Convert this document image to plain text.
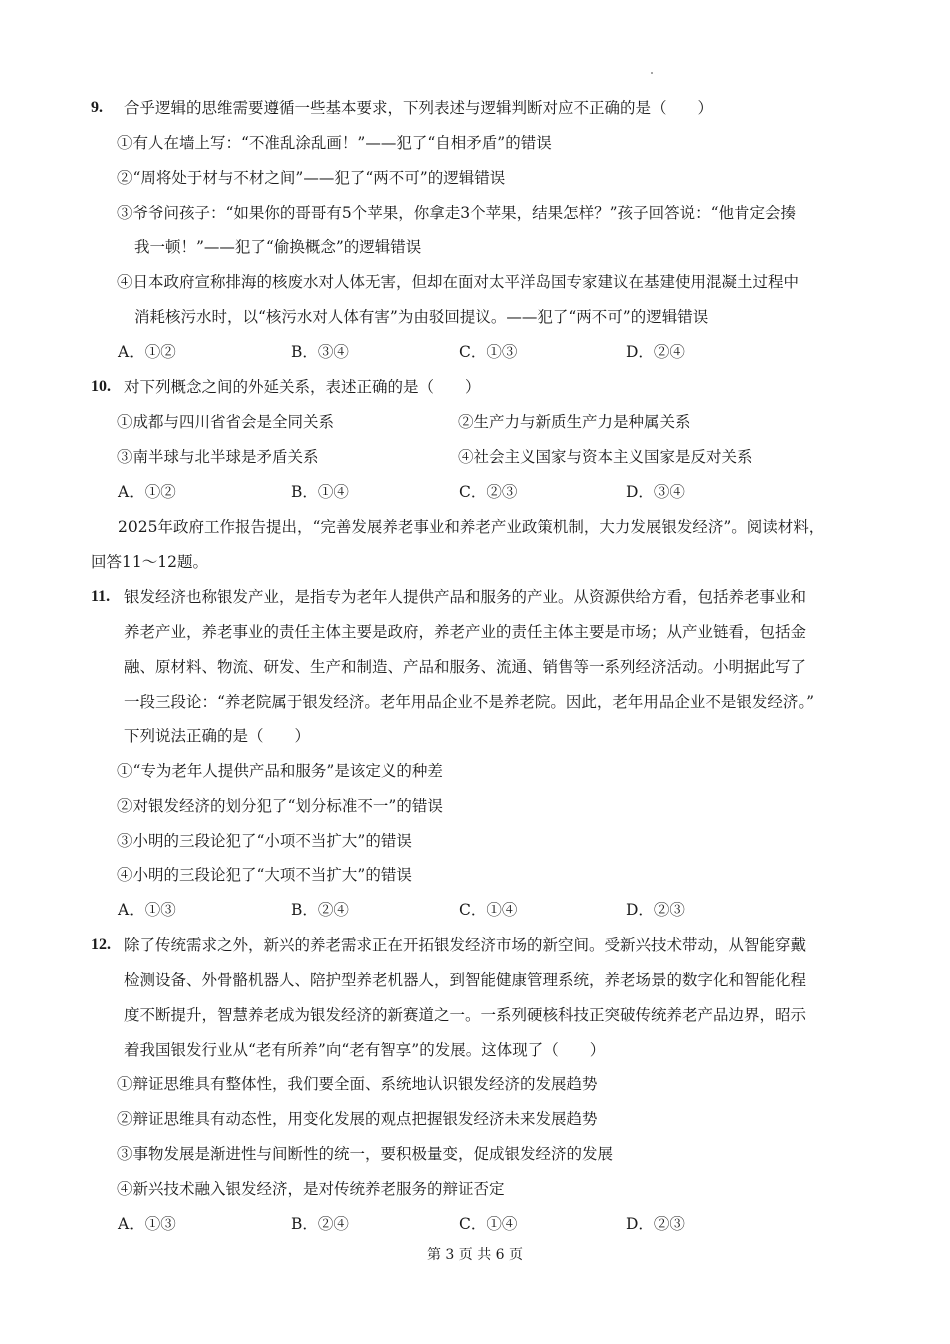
9. 合乎逻辑的思维需要遵循一些基本要求，下列表述与逻辑判断对应不正确的是（　　）
①有人在墙上写：“不准乱涂乱画！”——犯了“自相矛盾”的错误
②“周将处于材与不材之间”——犯了“两不可”的逻辑错误
③爷爷问孩子：“如果你的哥哥有5个苹果，你拿走3个苹果，结果怎样？”孩子回答说：“他肯定会揍
我一顿！”——犯了“偷换概念”的逻辑错误
④日本政府宣称排海的核废水对人体无害，但却在面对太平洋岛国专家建议在基建使用混凝土过程中
消耗核污水时，以“核污水对人体有害”为由驳回提议。——犯了“两不可”的逻辑错误
A．①②	B．③④	C．①③	D．②④
10. 对下列概念之间的外延关系，表述正确的是（　　）
①成都与四川省省会是全同关系	②生产力与新质生产力是种属关系
③南半球与北半球是矛盾关系	④社会主义国家与资本主义国家是反对关系
A．①②	B．①④	C．②③	D．③④
2025年政府工作报告提出，“完善发展养老事业和养老产业政策机制，大力发展银发经济”。阅读材料，
回答11～12题。
11. 银发经济也称银发产业，是指专为老年人提供产品和服务的产业。从资源供给方看，包括养老事业和
养老产业，养老事业的责任主体主要是政府，养老产业的责任主体主要是市场；从产业链看，包括金
融、原材料、物流、研发、生产和制造、产品和服务、流通、销售等一系列经济活动。小明据此写了
一段三段论：“养老院属于银发经济。老年用品企业不是养老院。因此，老年用品企业不是银发经济。”
下列说法正确的是（　　）
①“专为老年人提供产品和服务”是该定义的种差
②对银发经济的划分犯了“划分标准不一”的错误
③小明的三段论犯了“小项不当扩大”的错误
④小明的三段论犯了“大项不当扩大”的错误
A．①③	B．②④	C．①④	D．②③
12. 除了传统需求之外，新兴的养老需求正在开拓银发经济市场的新空间。受新兴技术带动，从智能穿戴
检测设备、外骨骼机器人、陪护型养老机器人，到智能健康管理系统，养老场景的数字化和智能化程
度不断提升，智慧养老成为银发经济的新赛道之一。一系列硬核科技正突破传统养老产品边界，昭示
着我国银发行业从“老有所养”向“老有智享”的发展。这体现了（　　）
①辩证思维具有整体性，我们要全面、系统地认识银发经济的发展趋势
②辩证思维具有动态性，用变化发展的观点把握银发经济未来发展趋势
③事物发展是渐进性与间断性的统一，要积极量变，促成银发经济的发展
④新兴技术融入银发经济，是对传统养老服务的辩证否定
A．①③	B．②④	C．①④	D．②③
第 3 页 共 6 页
